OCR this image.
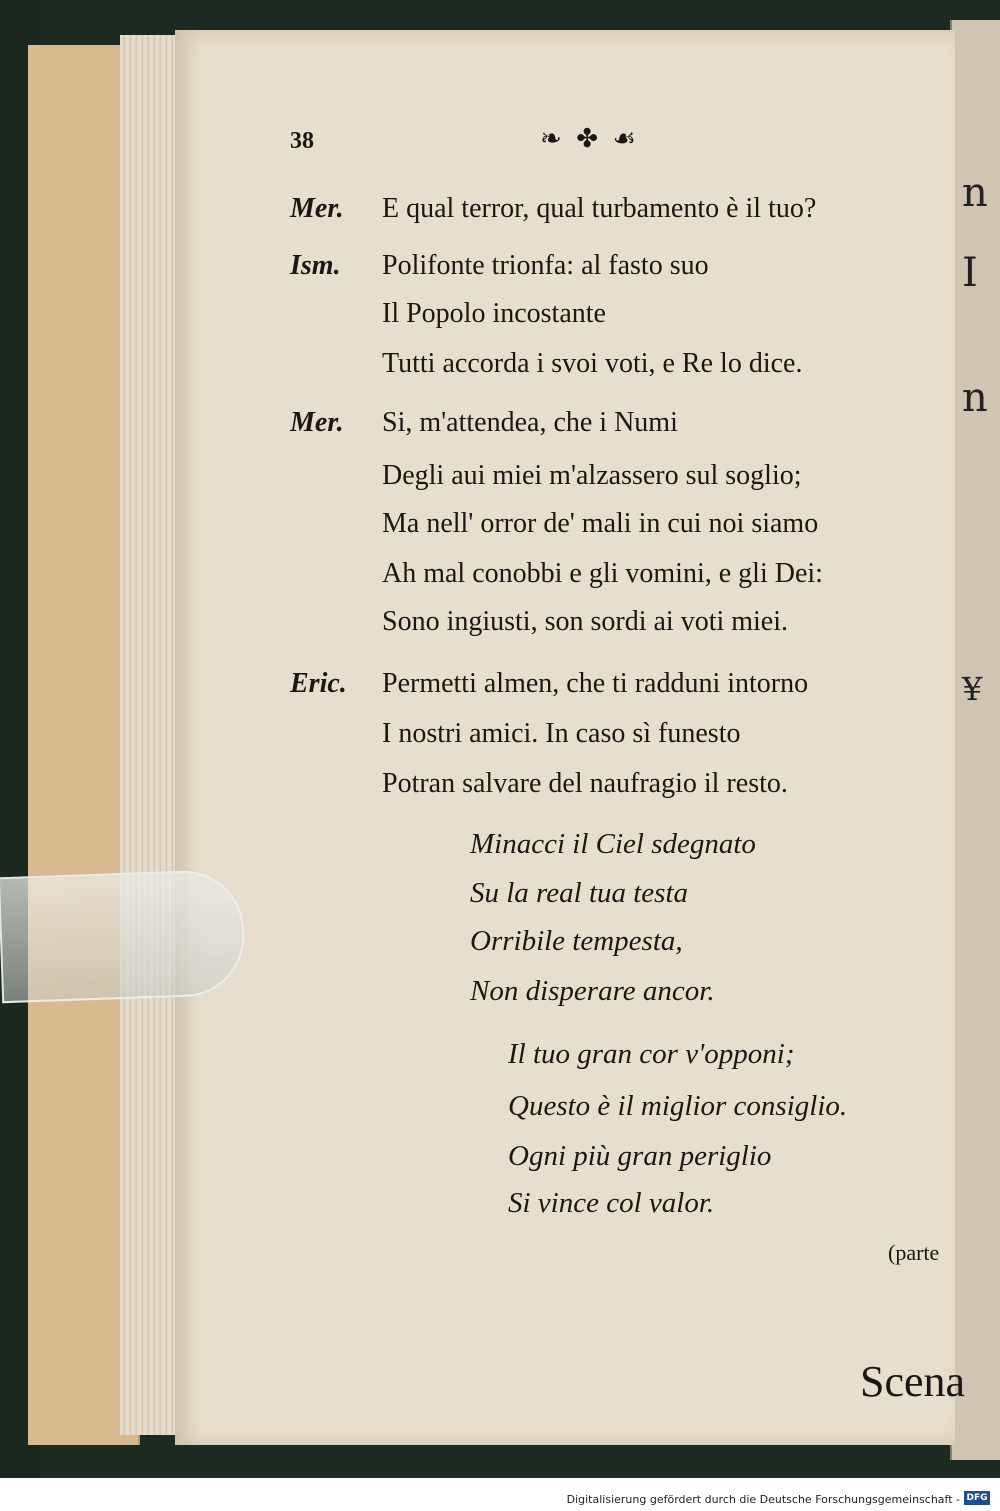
38	❧ ✤ ☙
Mer. E qual terror, qual turbamento è il tuo?
Ism. Polifonte trionfa: al fasto suo
Il Popolo incostante
Tutti accorda i svoi voti, e Re lo dice.
Mer. Si, m'attendea, che i Numi
Degli aui miei m'alzassero sul soglio;
Ma nell' orror de' mali in cui noi siamo
Ah mal conobbi e gli vomini, e gli Dei:
Sono ingiusti, son sordi ai voti miei.
Eric. Permetti almen, che ti radduni intorno
I nostri amici. In caso sì funesto
Potran salvare del naufragio il resto.
Minacci il Ciel sdegnato
Su la real tua testa
Orribile tempesta,
Non disperare ancor.
Il tuo gran cor v'opponi;
Questo è il miglior consiglio.
Ogni più gran periglio
Si vince col valor.
(parte
Scena
n
I
n
¥
Digitalisierung gefördert durch die Deutsche Forschungsgemeinschaft - DFG
